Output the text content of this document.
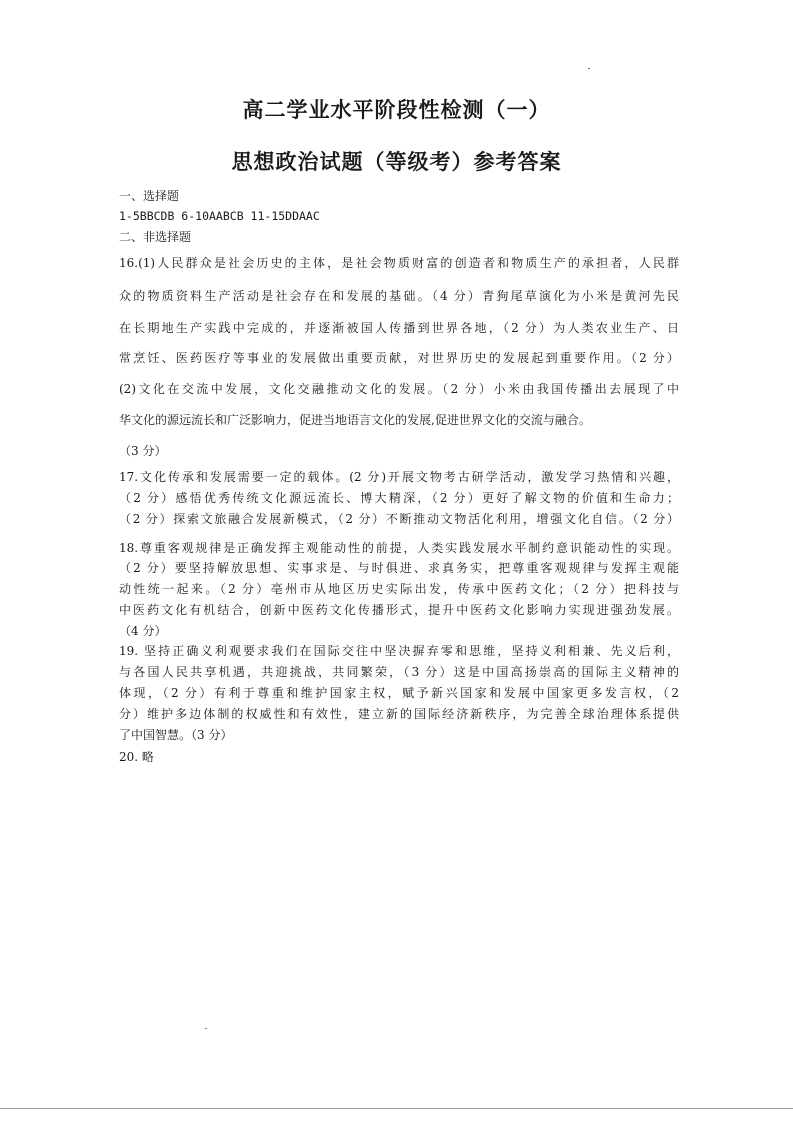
高二学业水平阶段性检测（一）
思想政治试题（等级考）参考答案
一、选择题
1-5BBCDB 6-10AABCB 11-15DDAAC
二、非选择题
16.(1)人民群众是社会历史的主体，是社会物质财富的创造者和物质生产的承担者，人民群
众的物质资料生产活动是社会存在和发展的基础。（4 分）青狗尾草演化为小米是黄河先民
在长期地生产实践中完成的，并逐渐被国人传播到世界各地，（2 分）为人类农业生产、日
常烹饪、医药医疗等事业的发展做出重要贡献，对世界历史的发展起到重要作用。（2 分）
(2)文化在交流中发展，文化交融推动文化的发展。（2 分）小米由我国传播出去展现了中
华文化的源远流长和广泛影响力，促进当地语言文化的发展,促进世界文化的交流与融合。
（3 分）
17.文化传承和发展需要一定的载体。(2 分)开展文物考古研学活动，激发学习热情和兴趣，
（2 分）感悟优秀传统文化源远流长、博大精深，（2 分）更好了解文物的价值和生命力；
（2 分）探索文旅融合发展新模式，（2 分）不断推动文物活化利用，增强文化自信。（2 分）
18.尊重客观规律是正确发挥主观能动性的前提，人类实践发展水平制约意识能动性的实现。
（2 分）要坚持解放思想、实事求是、与时俱进、求真务实，把尊重客观规律与发挥主观能
动性统一起来。（2 分）亳州市从地区历史实际出发，传承中医药文化；（2 分）把科技与
中医药文化有机结合，创新中医药文化传播形式，提升中医药文化影响力实现进强劲发展。
（4 分）
19. 坚持正确义利观要求我们在国际交往中坚决摒弃零和思维，坚持义利相兼、先义后利，
与各国人民共享机遇，共迎挑战，共同繁荣，（3 分）这是中国高扬崇高的国际主义精神的
体现，（2 分）有利于尊重和维护国家主权，赋予新兴国家和发展中国家更多发言权，（2
分）维护多边体制的权威性和有效性，建立新的国际经济新秩序，为完善全球治理体系提供
了中国智慧。（3 分）
20. 略
